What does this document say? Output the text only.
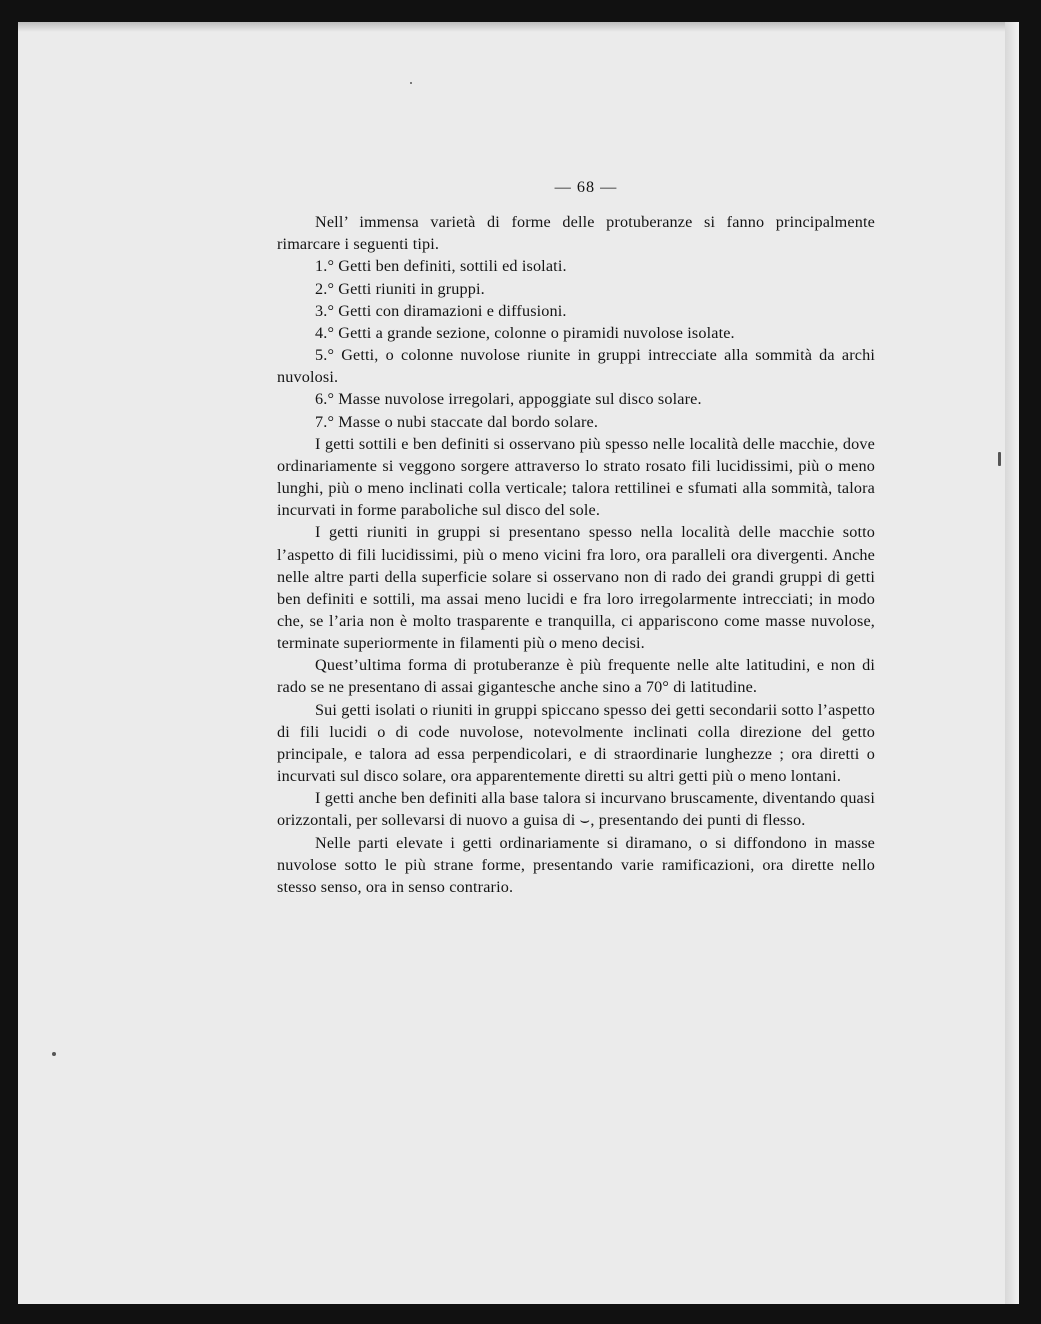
— 68 —

Nell’ immensa varietà di forme delle protuberanze si fanno principalmente rimarcare i seguenti tipi.

1.° Getti ben definiti, sottili ed isolati.

2.° Getti riuniti in gruppi.

3.° Getti con diramazioni e diffusioni.

4.° Getti a grande sezione, colonne o piramidi nuvolose isolate.

5.° Getti, o colonne nuvolose riunite in gruppi intrecciate alla sommità da archi nuvolosi.

6.° Masse nuvolose irregolari, appoggiate sul disco solare.

7.° Masse o nubi staccate dal bordo solare.

I getti sottili e ben definiti si osservano più spesso nelle località delle macchie, dove ordinariamente si veggono sorgere attraverso lo strato rosato fili lucidissimi, più o meno lunghi, più o meno inclinati colla verticale; talora rettilinei e sfumati alla sommità, talora incurvati in forme paraboliche sul disco del sole.

I getti riuniti in gruppi si presentano spesso nella località delle macchie sotto l’aspetto di fili lucidissimi, più o meno vicini fra loro, ora paralleli ora divergenti. Anche nelle altre parti della superficie solare si osservano non di rado dei grandi gruppi di getti ben definiti e sottili, ma assai meno lucidi e fra loro irregolarmente intrecciati; in modo che, se l’aria non è molto trasparente e tranquilla, ci appariscono come masse nuvolose, terminate superiormente in filamenti più o meno decisi.

Quest’ultima forma di protuberanze è più frequente nelle alte latitudini, e non di rado se ne presentano di assai gigantesche anche sino a 70° di latitudine.

Sui getti isolati o riuniti in gruppi spiccano spesso dei getti secondarii sotto l’aspetto di fili lucidi o di code nuvolose, notevolmente inclinati colla direzione del getto principale, e talora ad essa perpendicolari, e di straordinarie lunghezze ; ora diretti o incurvati sul disco solare, ora apparentemente diretti su altri getti più o meno lontani.

I getti anche ben definiti alla base talora si incurvano bruscamente, diventando quasi orizzontali, per sollevarsi di nuovo a guisa di ⌣, presentando dei punti di flesso.

Nelle parti elevate i getti ordinariamente si diramano, o si diffondono in masse nuvolose sotto le più strane forme, presentando varie ramificazioni, ora dirette nello stesso senso, ora in senso contrario.
